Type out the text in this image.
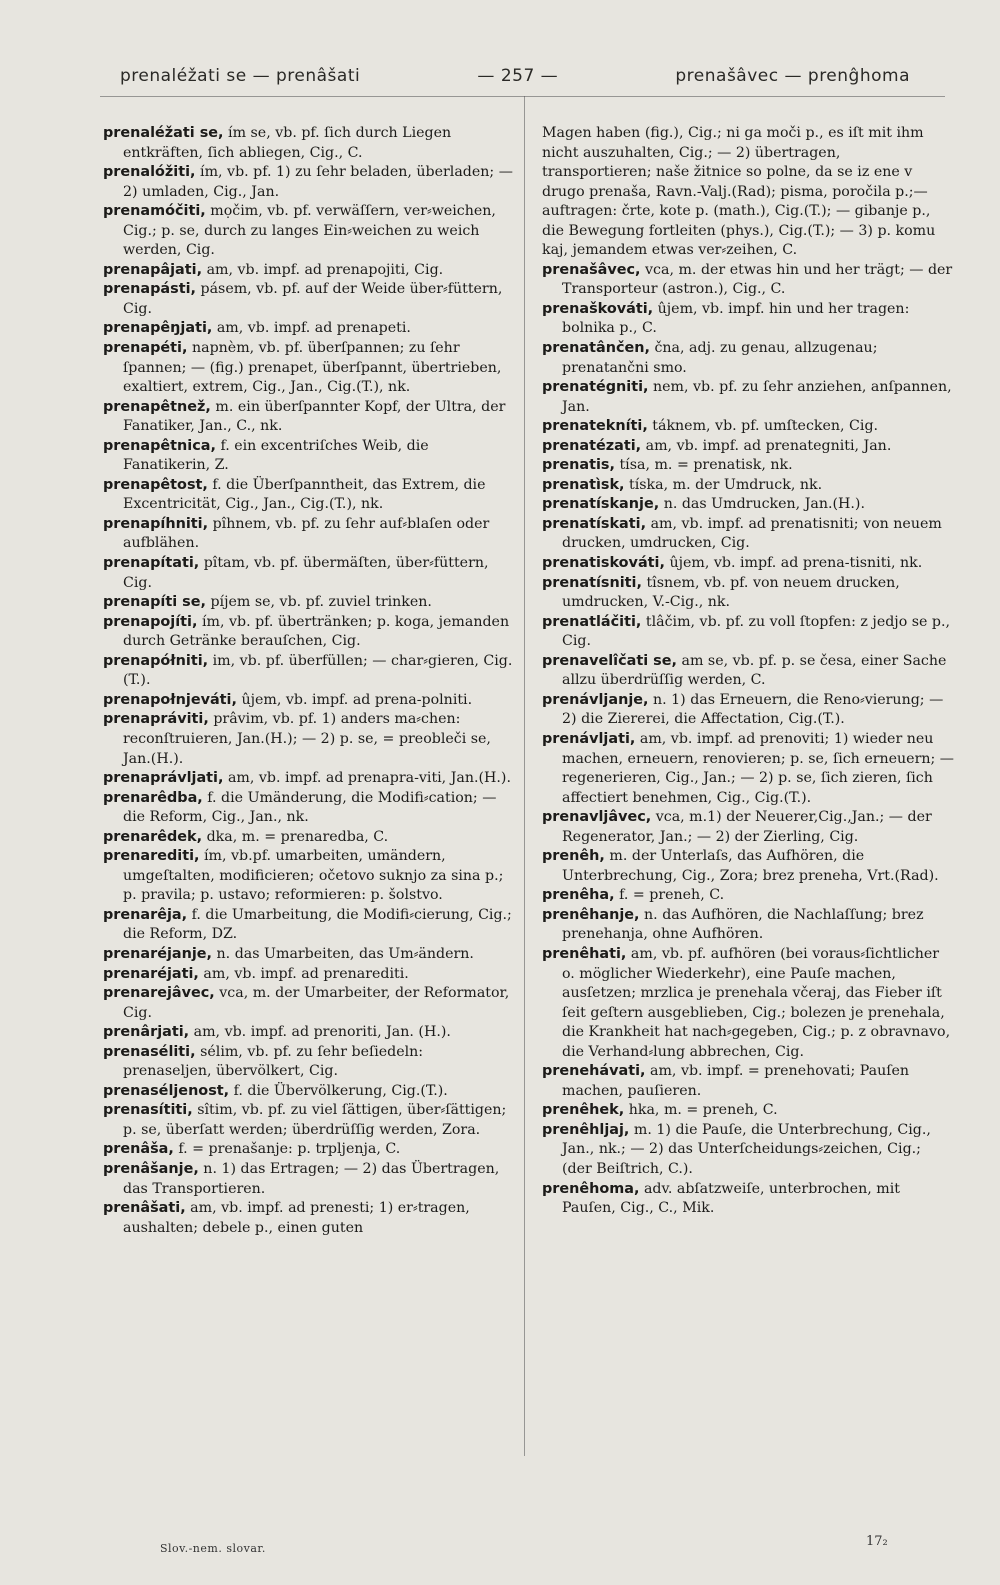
prenaléžati se — prenâšati	— 257 —	prenašâvec — prenĝhoma
prenaléžati se, ím se, vb. pf. ſich durch Liegen entkräften, ſich abliegen, Cig., C.
prenalóžiti, ím, vb. pf. 1) zu ſehr beladen, überladen; — 2) umladen, Cig., Jan.
prenamóčiti, mọčim, vb. pf. verwäſſern, ver⸗weichen, Cig.; p. se, durch zu langes Ein⸗weichen zu weich werden, Cig.
prenapâjati, am, vb. impf. ad prenapojiti, Cig.
prenapásti, pásem, vb. pf. auf der Weide über⸗füttern, Cig.
prenapêŋjati, am, vb. impf. ad prenapeti.
prenapéti, napnèm, vb. pf. überſpannen; zu ſehr ſpannen; — (fig.) prenapet, überſpannt, übertrieben, exaltiert, extrem, Cig., Jan., Cig.(T.), nk.
prenapêtnež, m. ein überſpannter Kopf, der Ultra, der Fanatiker, Jan., C., nk.
prenapêtnica, f. ein excentriſches Weib, die Fanatikerin, Z.
prenapêtost, f. die Überſpanntheit, das Extrem, die Excentricität, Cig., Jan., Cig.(T.), nk.
prenapíhniti, pîhnem, vb. pf. zu ſehr auf⸗blaſen oder aufblähen.
prenapítati, pîtam, vb. pf. übermäſten, über⸗füttern, Cig.
prenapíti se, píjem se, vb. pf. zuviel trinken.
prenapojíti, ím, vb. pf. übertränken; p. koga, jemanden durch Getränke berauſchen, Cig.
prenapółniti, im, vb. pf. überfüllen; — char⸗gieren, Cig.(T.).
prenapołnjeváti, ûjem, vb. impf. ad prena-polniti.
prenapráviti, prâvim, vb. pf. 1) anders ma⸗chen: reconſtruieren, Jan.(H.); — 2) p. se, = preobleči se, Jan.(H.).
prenaprávljati, am, vb. impf. ad prenapra-viti, Jan.(H.).
prenarêdba, f. die Umänderung, die Modifi⸗cation; — die Reform, Cig., Jan., nk.
prenarêdek, dka, m. = prenaredba, C.
prenarediti, ím, vb.pf. umarbeiten, umändern, umgeſtalten, modificieren; očetovo suknjo za sina p.; p. pravila; p. ustavo; reformieren: p. šolstvo.
prenarêja, f. die Umarbeitung, die Modifi⸗cierung, Cig.; die Reform, DZ.
prenaréjanje, n. das Umarbeiten, das Um⸗ändern.
prenaréjati, am, vb. impf. ad prenarediti.
prenarejâvec, vca, m. der Umarbeiter, der Reformator, Cig.
prenârjati, am, vb. impf. ad prenoriti, Jan. (H.).
prenaséliti, sélim, vb. pf. zu ſehr beſiedeln: prenaseljen, übervölkert, Cig.
prenaséljenost, f. die Übervölkerung, Cig.(T.).
prenasítiti, sîtim, vb. pf. zu viel ſättigen, über⸗ſättigen; p. se, überſatt werden; überdrüſſig werden, Zora.
prenâša, f. = prenašanje: p. trpljenja, C.
prenâšanje, n. 1) das Ertragen; — 2) das Übertragen, das Transportieren.
prenâšati, am, vb. impf. ad prenesti; 1) er⸗tragen, aushalten; debele p., einen guten
Magen haben (fig.), Cig.; ni ga moči p., es iſt mit ihm nicht auszuhalten, Cig.; — 2) übertragen, transportieren; naše žitnice so polne, da se iz ene v drugo prenaša, Ravn.-Valj.(Rad); pisma, poročila p.;—auftragen: črte, kote p. (math.), Cig.(T.); — gibanje p., die Bewegung fortleiten (phys.), Cig.(T.); — 3) p. komu kaj, jemandem etwas ver⸗zeihen, C.
prenašâvec, vca, m. der etwas hin und her trägt; — der Transporteur (astron.), Cig., C.
prenaškováti, ûjem, vb. impf. hin und her tragen: bolnika p., C.
prenatânčen, čna, adj. zu genau, allzugenau; prenatančni smo.
prenatégniti, nem, vb. pf. zu ſehr anziehen, anſpannen, Jan.
prenatekníti, táknem, vb. pf. umſtecken, Cig.
prenatézati, am, vb. impf. ad prenategniti, Jan.
prenatis, tísa, m. = prenatisk, nk.
prenatìsk, tíska, m. der Umdruck, nk.
prenatískanje, n. das Umdrucken, Jan.(H.).
prenatískati, am, vb. impf. ad prenatisniti; von neuem drucken, umdrucken, Cig.
prenatiskováti, ûjem, vb. impf. ad prena-tisniti, nk.
prenatísniti, tîsnem, vb. pf. von neuem drucken, umdrucken, V.-Cig., nk.
prenatláčiti, tlâčim, vb. pf. zu voll ſtopfen: z jedjo se p., Cig.
prenavelîčati se, am se, vb. pf. p. se česa, einer Sache allzu überdrüſſig werden, C.
prenávljanje, n. 1) das Erneuern, die Reno⸗vierung; — 2) die Ziererei, die Affectation, Cig.(T.).
prenávljati, am, vb. impf. ad prenoviti; 1) wieder neu machen, erneuern, renovieren; p. se, ſich erneuern; — regenerieren, Cig., Jan.; — 2) p. se, ſich zieren, ſich affectiert benehmen, Cig., Cig.(T.).
prenavljâvec, vca, m.1) der Neuerer,Cig.,Jan.; — der Regenerator, Jan.; — 2) der Zierling, Cig.
prenêh, m. der Unterlaſs, das Aufhören, die Unterbrechung, Cig., Zora; brez preneha, Vrt.(Rad).
prenêha, f. = preneh, C.
prenêhanje, n. das Aufhören, die Nachlaſſung; brez prenehanja, ohne Aufhören.
prenêhati, am, vb. pf. aufhören (bei voraus⸗ſichtlicher o. möglicher Wiederkehr), eine Pauſe machen, ausſetzen; mrzlica je prenehala včeraj, das Fieber iſt ſeit geſtern ausgeblieben, Cig.; bolezen je prenehala, die Krankheit hat nach⸗gegeben, Cig.; p. z obravnavo, die Verhand⸗lung abbrechen, Cig.
prenehávati, am, vb. impf. = prenehovati; Pauſen machen, pauſieren.
prenêhek, hka, m. = preneh, C.
prenêhljaj, m. 1) die Pauſe, die Unterbrechung, Cig., Jan., nk.; — 2) das Unterſcheidungs⸗zeichen, Cig.; (der Beiſtrich, C.).
prenêhoma, adv. abſatzweiſe, unterbrochen, mit Pauſen, Cig., C., Mik.
Slov.-nem. slovar.	17₂
